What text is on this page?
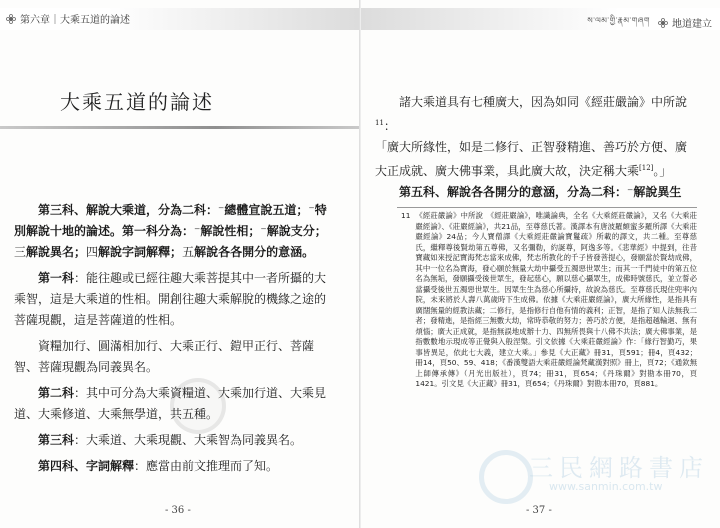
第六章｜大乘五道的論述
大乘五道的論述

第三科、解說大乘道，分為二科：⁻總體宣說五道；⁻特別解說十地的論述。第一科分為：⁻解說性相；⁻解說支分；三解說異名；四解說字詞解釋；五解說各各開分的意涵。

第一科：能往趣或已經往趣大乘菩提其中一者所攝的大乘智，這是大乘道的性相。開創往趣大乘解脫的機緣之途的菩薩現觀，這是菩薩道的性相。

資糧加行、圓滿相加行、大乘正行、鎧甲正行、菩薩智、菩薩現觀為同義異名。

第二科：其中可分為大乘資糧道、大乘加行道、大乘見道、大乘修道、大乘無學道，共五種。

第三科：大乘道、大乘現觀、大乘智為同義異名。

第四科、字詞解釋：應當由前文推理而了知。

- 36 -
ས་ལམ་གྱི་རྣམ་གཞག 地道建立

諸大乘道具有七種廣大，因為如同《經莊嚴論》中所說$^{11}$：

「廣大所緣性，如是二修行、正智發精進、善巧於方便、廣大正成就、廣大佛事業，具此廣大故，決定稱大乘[12]。」

第五科、解說各各開分的意涵，分為二科：⁻解說異生

11 《經莊嚴論》中所說　《經莊嚴論》，唯識論典，全名《大乘經莊嚴論》，又名《大乘莊嚴經論》、《莊嚴經論》，共21品，至尊慈氏著。漢譯本有唐波羅頗蜜多羅所譯《大乘莊嚴經論》24品；今人寶僧譯《大乘經莊嚴論寶鬘疏》所載的譯文，共二種。至尊慈氏，繼釋尊後賢劫第五尊佛，又名彌勒，約誕尊，阿逸多等。《悲華經》中提到，往昔寶藏如來授記寶海梵志當來成佛，梵志所教化的千子皆發菩提心，發願當於賢劫成佛，其中一位名為寶海，發心願於無量大劫中攝受五濁惡世眾生；而其一千門徒中的第五位名為無垢，發願攝受後世眾生，發起慈心，願以慈心攝眾生，成佛時號慈氏，並立誓必當攝受後世五濁惡世眾生。因眾生生為慈心所攝持，故說為慈氏。至尊慈氏現住兜率內院，未來將於人壽八萬歲時下生成佛。依據《大乘莊嚴經論》，廣大所緣性，是指具有廣闊無量的經教法藏；二修行，是指修行自他有情的義利；正智，是指了知人法無我二者；發精進，是指經三無數大劫，常時恭敬的努力；善巧於方便，是指超越輪迴、無有煩惱；廣大正成就，是指無誤地成辦十力、四無所畏與十八佛不共法；廣大佛事業，是指數數地示現成等正覺與入般涅槃。引文依據《大乘莊嚴經論》作：「緣行智勤巧，果事皆異足，依此七大義，建立大乘。」參見《大正藏》冊31，頁591；冊4，頁432；冊14，頁50、59、418；《番漢雙語大乘莊嚴經論梵藏漢對照》冊上，頁72；《通欽無上師傳承傳》（月光出版社），頁74；冊31，頁654；《丹珠爾》對勘本冊70，頁1421。引文見《大正藏》冊31，頁654；《丹珠爾》對勘本冊70，頁881。
三民網路書店
www.sanmin.com.tw
- 37 -
